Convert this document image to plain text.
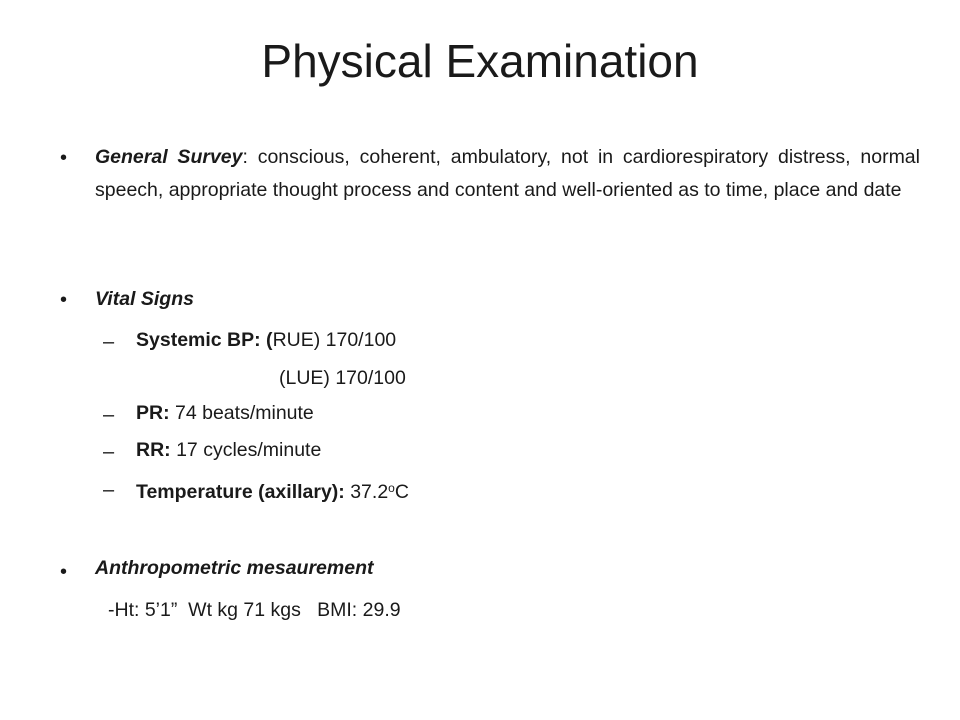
Physical Examination
• General Survey: conscious, coherent, ambulatory, not in cardiorespiratory distress, normal speech, appropriate thought process and content and well-oriented as to time, place and date
• Vital Signs
– Systemic BP: (RUE) 170/100
(LUE) 170/100
– PR: 74 beats/minute
– RR: 17 cycles/minute
– Temperature (axillary): 37.2$^o$C
• Anthropometric mesaurement
-Ht: 5’1”  Wt kg 71 kgs   BMI: 29.9
